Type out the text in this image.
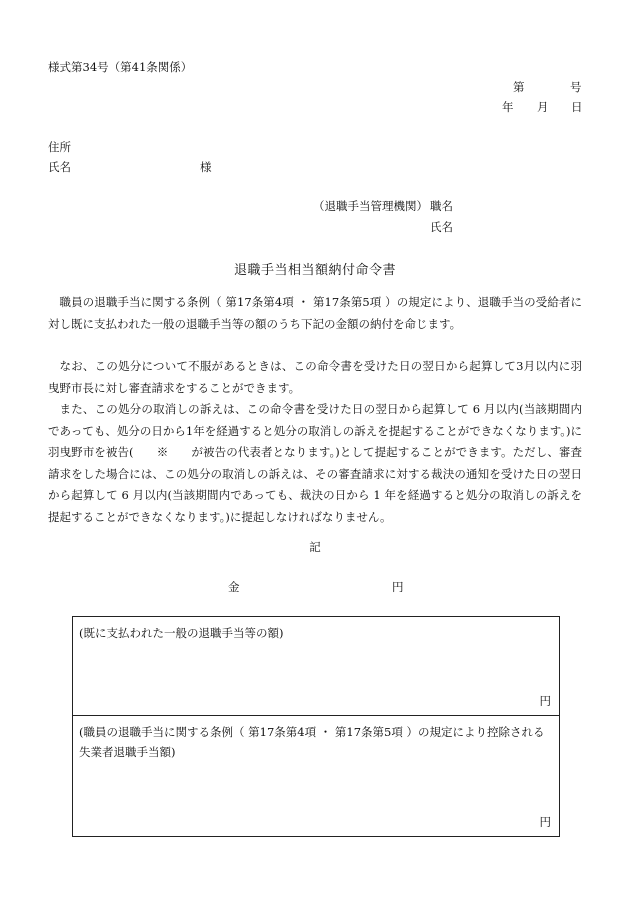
様式第34号（第41条関係）
第	号
年 月 日
住所
氏名	様
（退職手当管理機関） 職名
氏名
退職手当相当額納付命令書
職員の退職手当に関する条例（ 第17条第4項 ・ 第17条第5項 ）の規定により、退職手当の受給者に対し既に支払われた一般の退職手当等の額のうち下記の金額の納付を命じます。
なお、この処分について不服があるときは、この命令書を受けた日の翌日から起算して3月以内に羽曳野市長に対し審査請求をすることができます。
また、この処分の取消しの訴えは、この命令書を受けた日の翌日から起算して 6 月以内(当該期間内であっても、処分の日から1年を経過すると処分の取消しの訴えを提起することができなくなります。)に羽曳野市を被告(　　※　　が被告の代表者となります。)として提起することができます。ただし、審査請求をした場合には、この処分の取消しの訴えは、その審査請求に対する裁決の通知を受けた日の翌日から起算して 6 月以内(当該期間内であっても、裁決の日から 1 年を経過すると処分の取消しの訴えを提起することができなくなります。)に提起しなければなりません。
記
金	円
(既に支払われた一般の退職手当等の額)
円
(職員の退職手当に関する条例（ 第17条第4項 ・ 第17条第5項 ）の規定により控除される失業者退職手当額)
円
